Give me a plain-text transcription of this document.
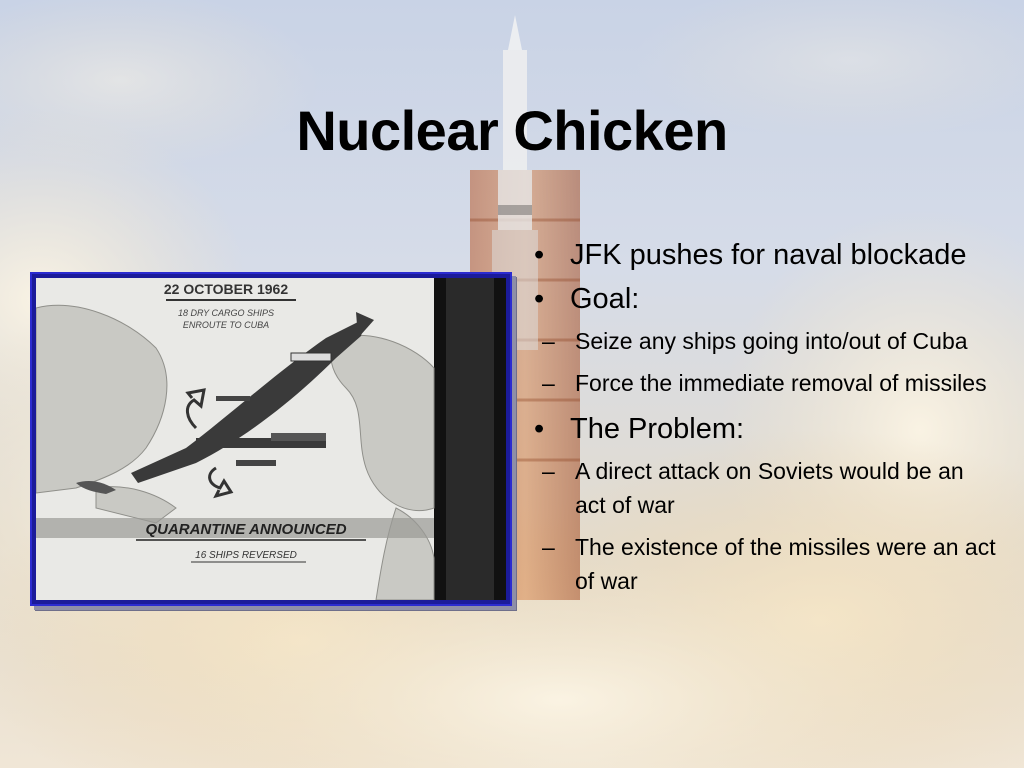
Nuclear Chicken
22 OCTOBER 1962
18 DRY CARGO SHIPS
ENROUTE TO CUBA
QUARANTINE ANNOUNCED
16 SHIPS REVERSED
• JFK pushes for naval blockade
• Goal:
– Seize any ships going into/out of Cuba
– Force the immediate removal of missiles
• The Problem:
– A direct attack on Soviets would be an act of war
– The existence of the missiles were an act of war
